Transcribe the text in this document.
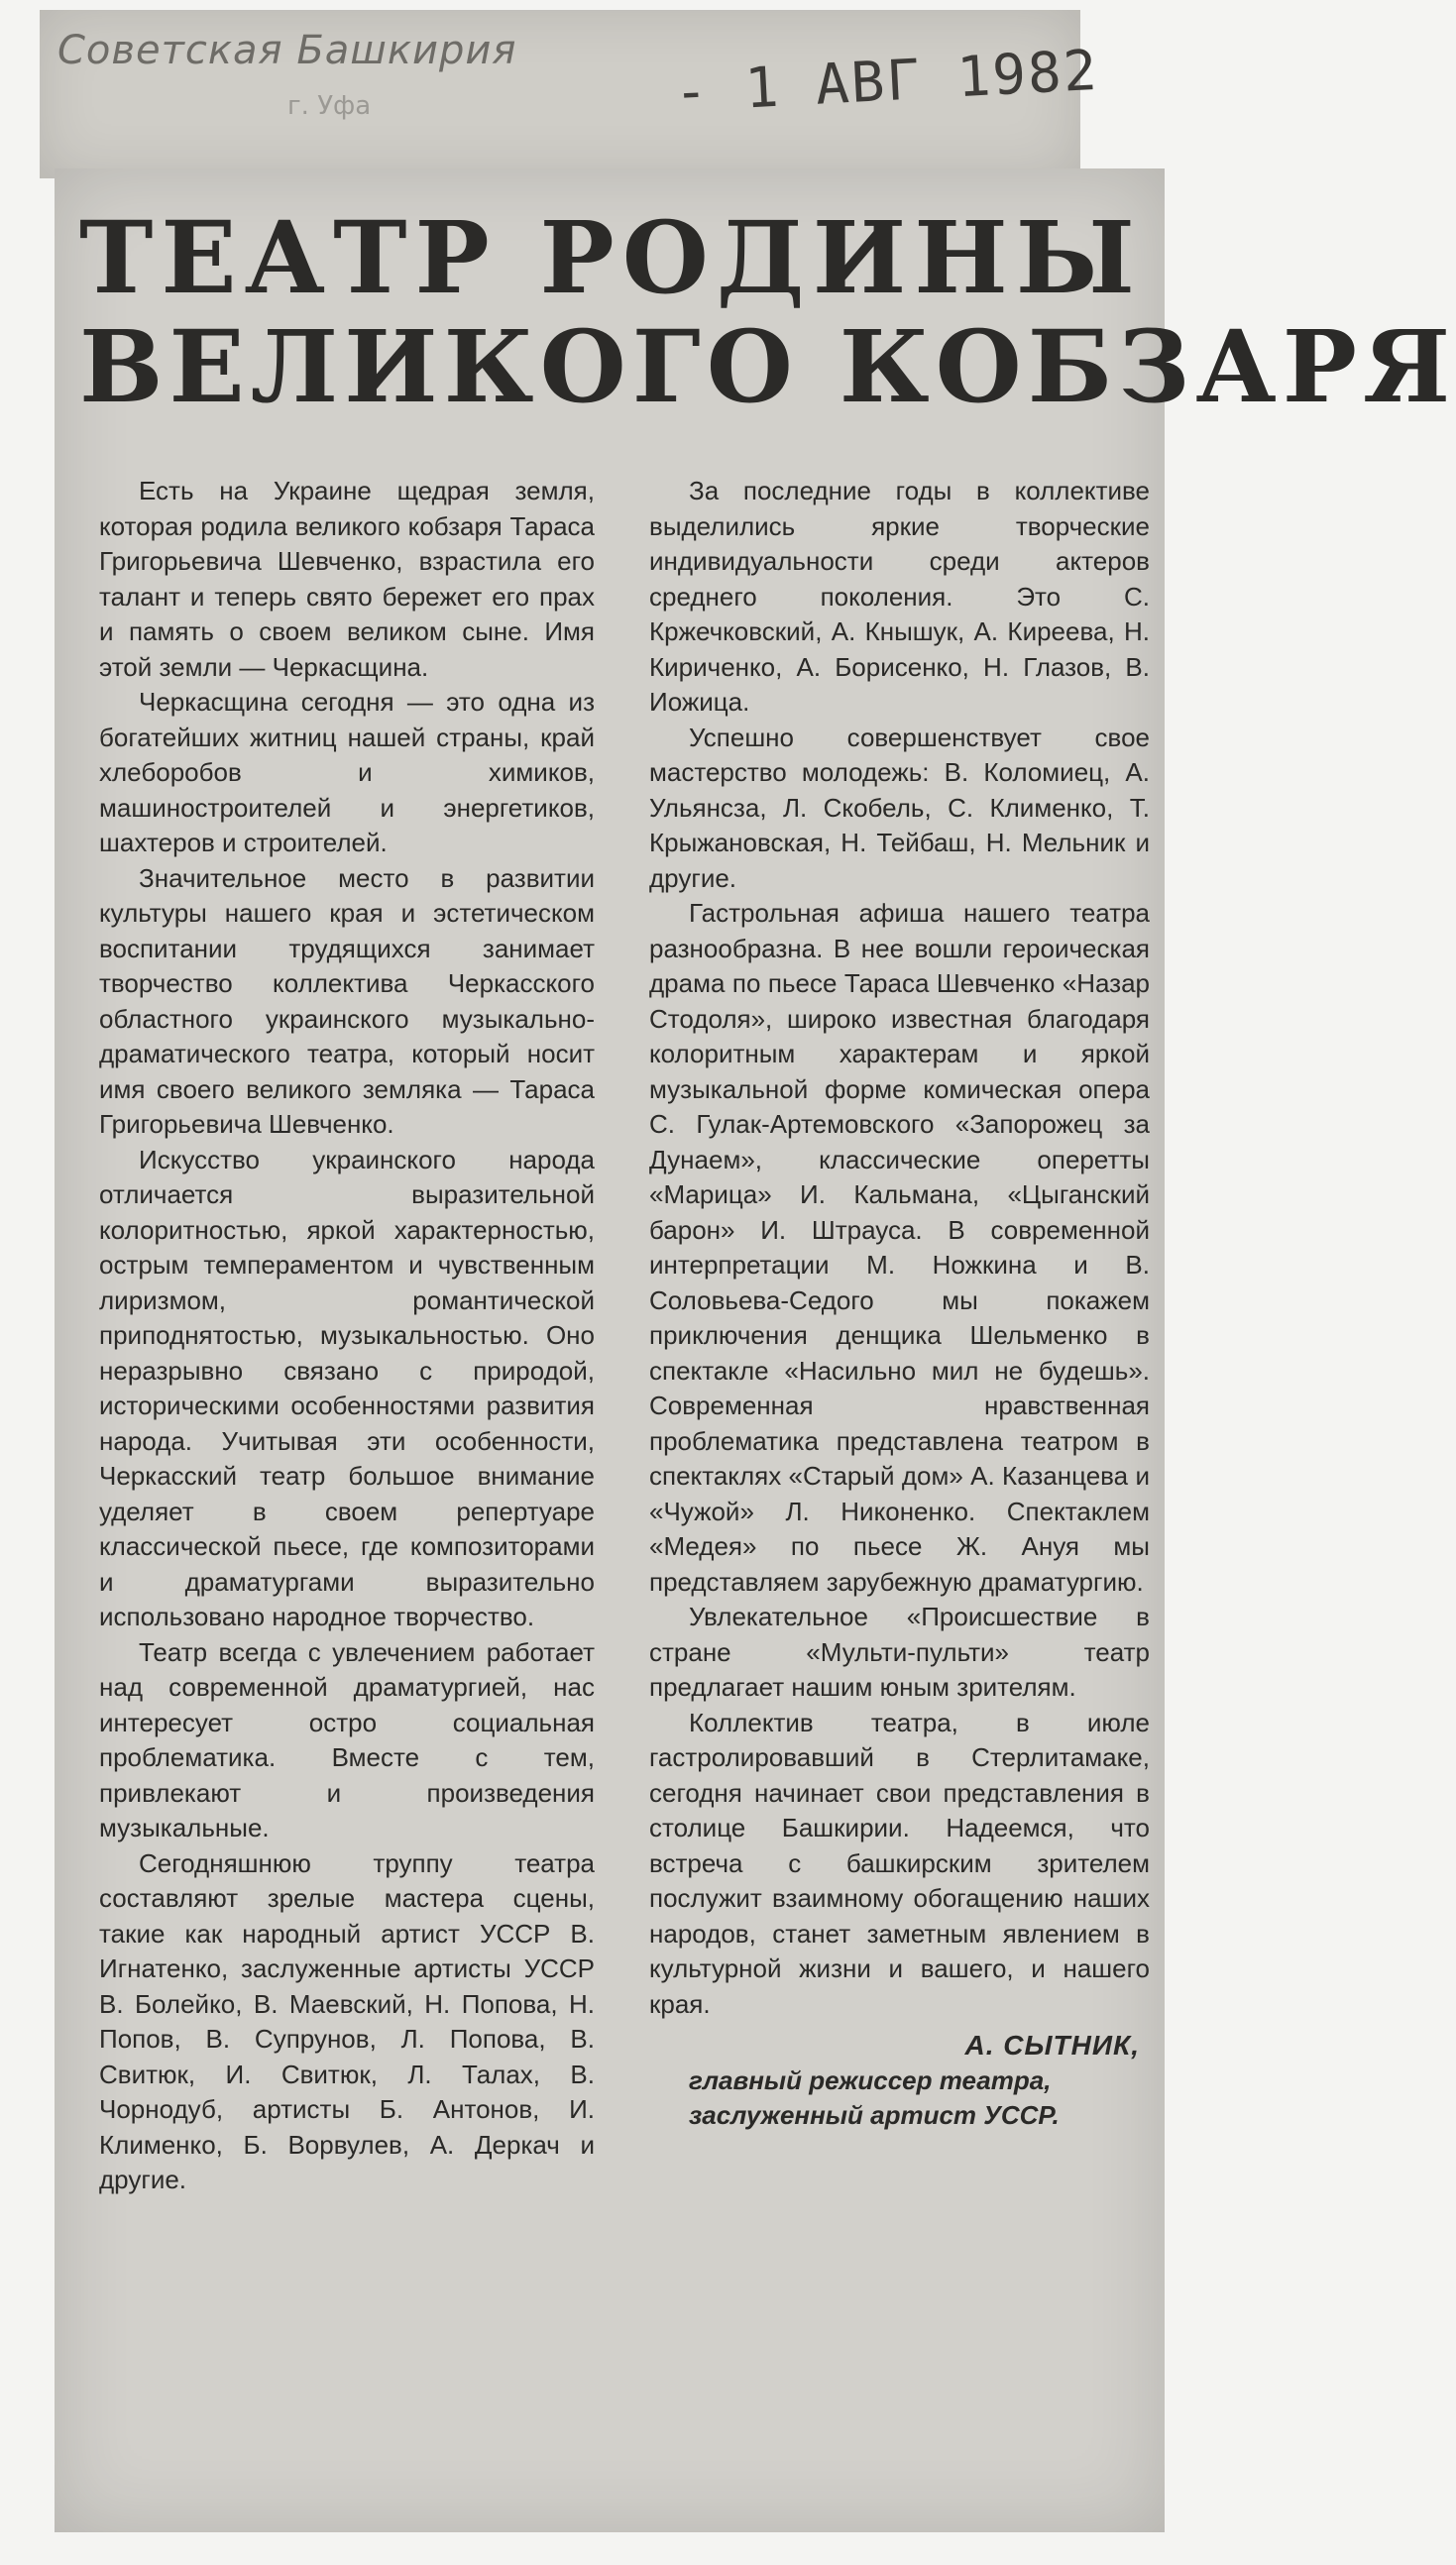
Советская Башкирия
г. Уфа	- 1 АВГ 1982
ТЕАТР РОДИНЫ
ВЕЛИКОГО КОБЗАРЯ

Есть на Украине щедрая земля, которая родила великого кобзаря Тараса Григорьевича Шевченко, взрастила его талант и теперь свято бережет его прах и память о своем великом сыне. Имя этой земли — Черкасщина.

Черкасщина сегодня — это одна из богатейших житниц нашей страны, край хлеборобов и химиков, машиностроителей и энергетиков, шахтеров и строителей.

Значительное место в развитии культуры нашего края и эстетическом воспитании трудящихся занимает творчество коллектива Черкасского областного украинского музыкально-драматического театра, который носит имя своего великого земляка — Тараса Григорьевича Шевченко.

Искусство украинского народа отличается выразительной колоритностью, яркой характерностью, острым темпераментом и чувственным лиризмом, романтической приподнятостью, музыкальностью. Оно неразрывно связано с природой, историческими особенностями развития народа. Учитывая эти особенности, Черкасский театр большое внимание уделяет в своем репертуаре классической пьесе, где композиторами и драматургами выразительно использовано народное творчество.

Театр всегда с увлечением работает над современной драматургией, нас интересует остро социальная проблематика. Вместе с тем, привлекают и произведения музыкальные.

Сегодняшнюю труппу театра составляют зрелые мастера сцены, такие как народный артист УССР В. Игнатенко, заслуженные артисты УССР В. Болейко, В. Маевский, Н. Попова, Н. Попов, В. Супрунов, Л. Попова, В. Свитюк, И. Свитюк, Л. Талах, В. Чорнодуб, артисты Б. Антонов, И. Клименко, Б. Ворвулев, А. Деркач и другие.

За последние годы в коллективе выделились яркие творческие индивидуальности среди актеров среднего поколения. Это С. Кржечковский, А. Кнышук, А. Киреева, Н. Кириченко, А. Борисенко, Н. Глазов, В. Иожица.

Успешно совершенствует свое мастерство молодежь: В. Коломиец, А. Ульянсза, Л. Скобель, С. Клименко, Т. Крыжановская, Н. Тейбаш, Н. Мельник и другие.

Гастрольная афиша нашего театра разнообразна. В нее вошли героическая драма по пьесе Тараса Шевченко «Назар Стодоля», широко известная благодаря колоритным характерам и яркой музыкальной форме комическая опера С. Гулак-Артемовского «Запорожец за Дунаем», классические оперетты «Марица» И. Кальмана, «Цыганский барон» И. Штрауса. В современной интерпретации М. Ножкина и В. Соловьева-Седого мы покажем приключения денщика Шельменко в спектакле «Насильно мил не будешь». Современная нравственная проблематика представлена театром в спектаклях «Старый дом» А. Казанцева и «Чужой» Л. Никоненко. Спектаклем «Медея» по пьесе Ж. Ануя мы представляем зарубежную драматургию.

Увлекательное «Происшествие в стране «Мульти-пульти» театр предлагает нашим юным зрителям.

Коллектив театра, в июле гастролировавший в Стерлитамаке, сегодня начинает свои представления в столице Башкирии. Надеемся, что встреча с башкирским зрителем послужит взаимному обогащению наших народов, станет заметным явлением в культурной жизни и вашего, и нашего края.

А. СЫТНИК,
главный режиссер театра, заслуженный артист УССР.
